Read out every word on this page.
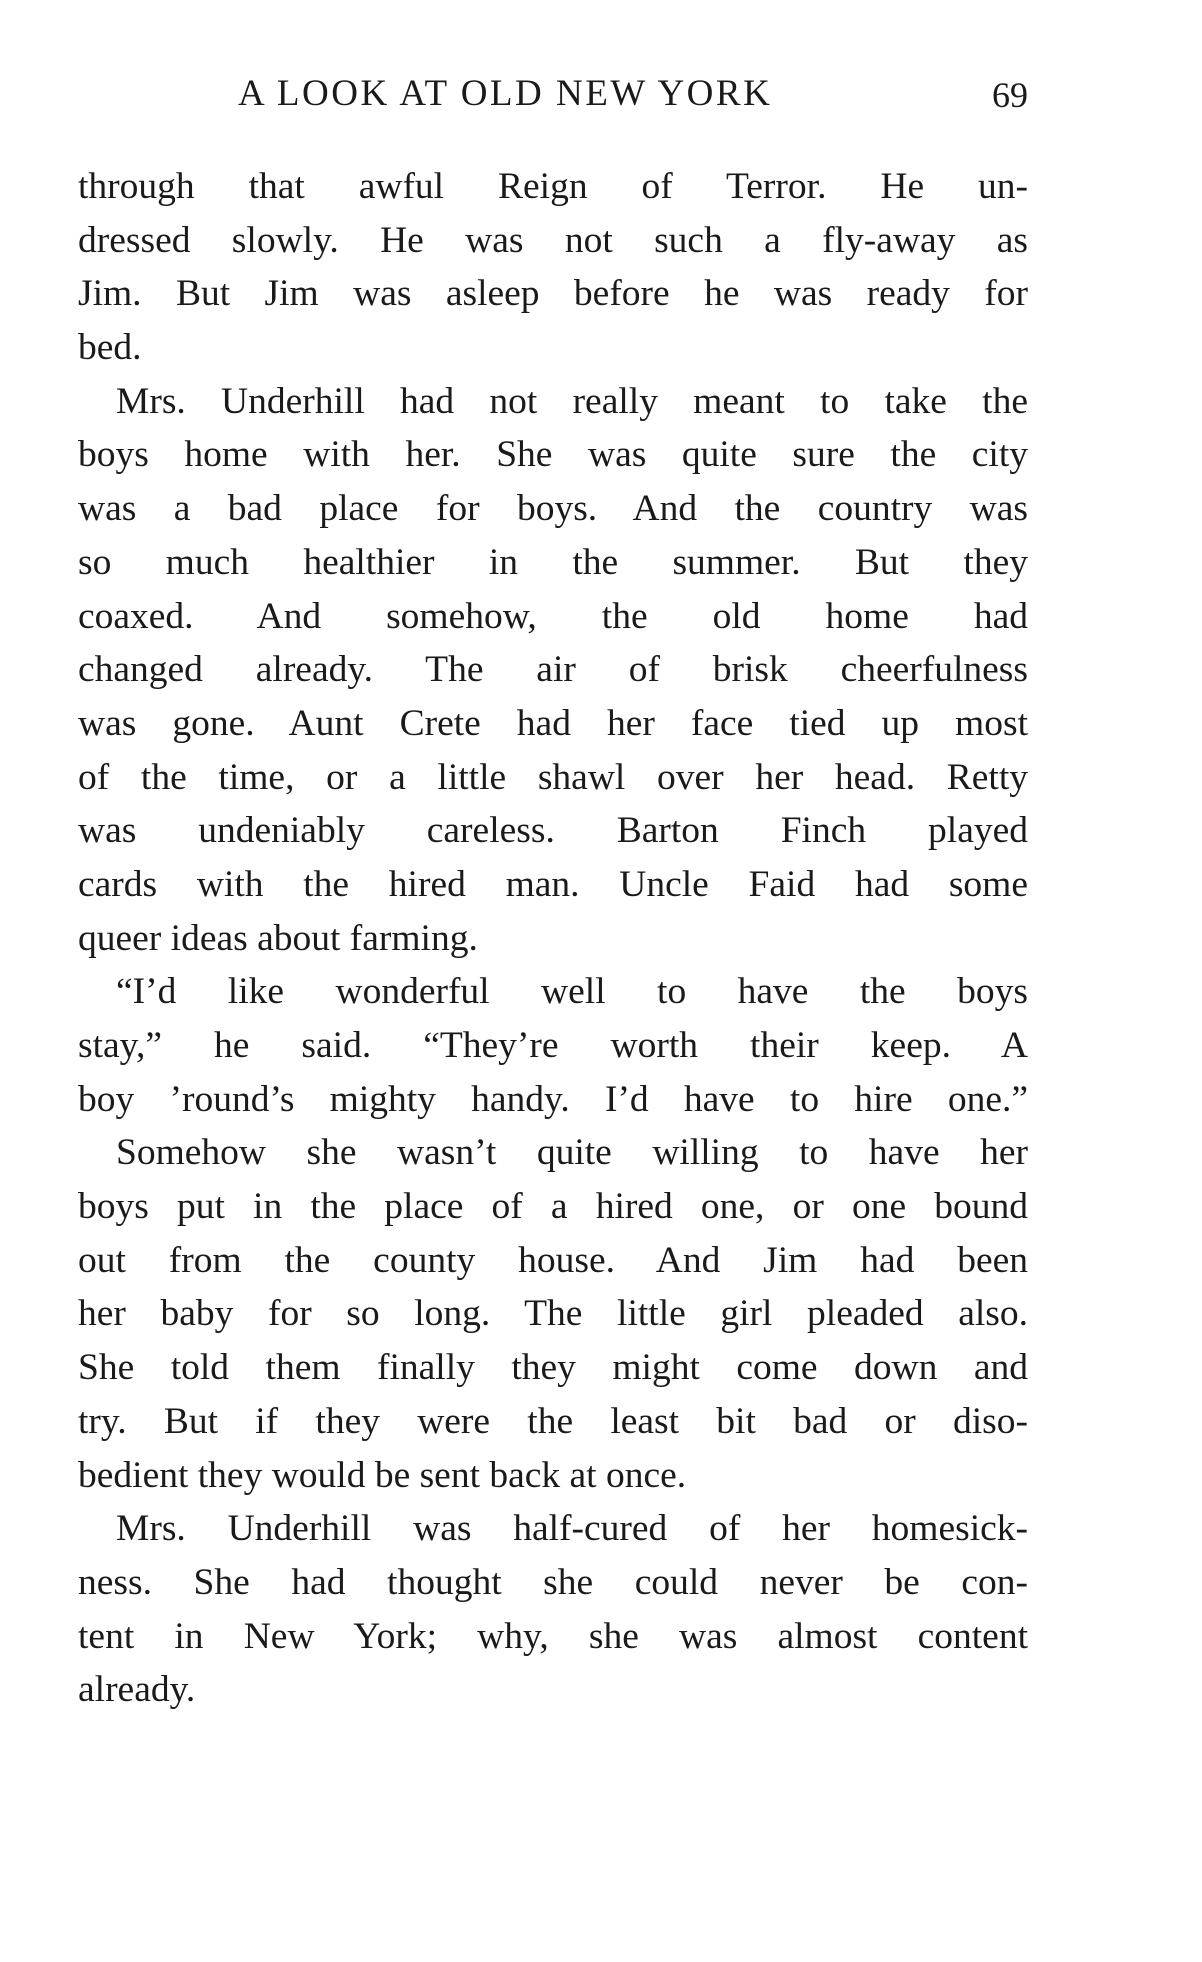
A LOOK AT OLD NEW YORK	69
through that awful Reign of Terror. He un-
dressed slowly. He was not such a fly-away as
Jim. But Jim was asleep before he was ready for
bed.
Mrs. Underhill had not really meant to take the
boys home with her. She was quite sure the city
was a bad place for boys. And the country was
so much healthier in the summer. But they
coaxed. And somehow, the old home had
changed already. The air of brisk cheerfulness
was gone. Aunt Crete had her face tied up most
of the time, or a little shawl over her head. Retty
was undeniably careless. Barton Finch played
cards with the hired man. Uncle Faid had some
queer ideas about farming.
“I’d like wonderful well to have the boys
stay,” he said. “They’re worth their keep. A
boy ’round’s mighty handy. I’d have to hire one.”
Somehow she wasn’t quite willing to have her
boys put in the place of a hired one, or one bound
out from the county house. And Jim had been
her baby for so long. The little girl pleaded also.
She told them finally they might come down and
try. But if they were the least bit bad or diso-
bedient they would be sent back at once.
Mrs. Underhill was half-cured of her homesick-
ness. She had thought she could never be con-
tent in New York; why, she was almost content
already.
